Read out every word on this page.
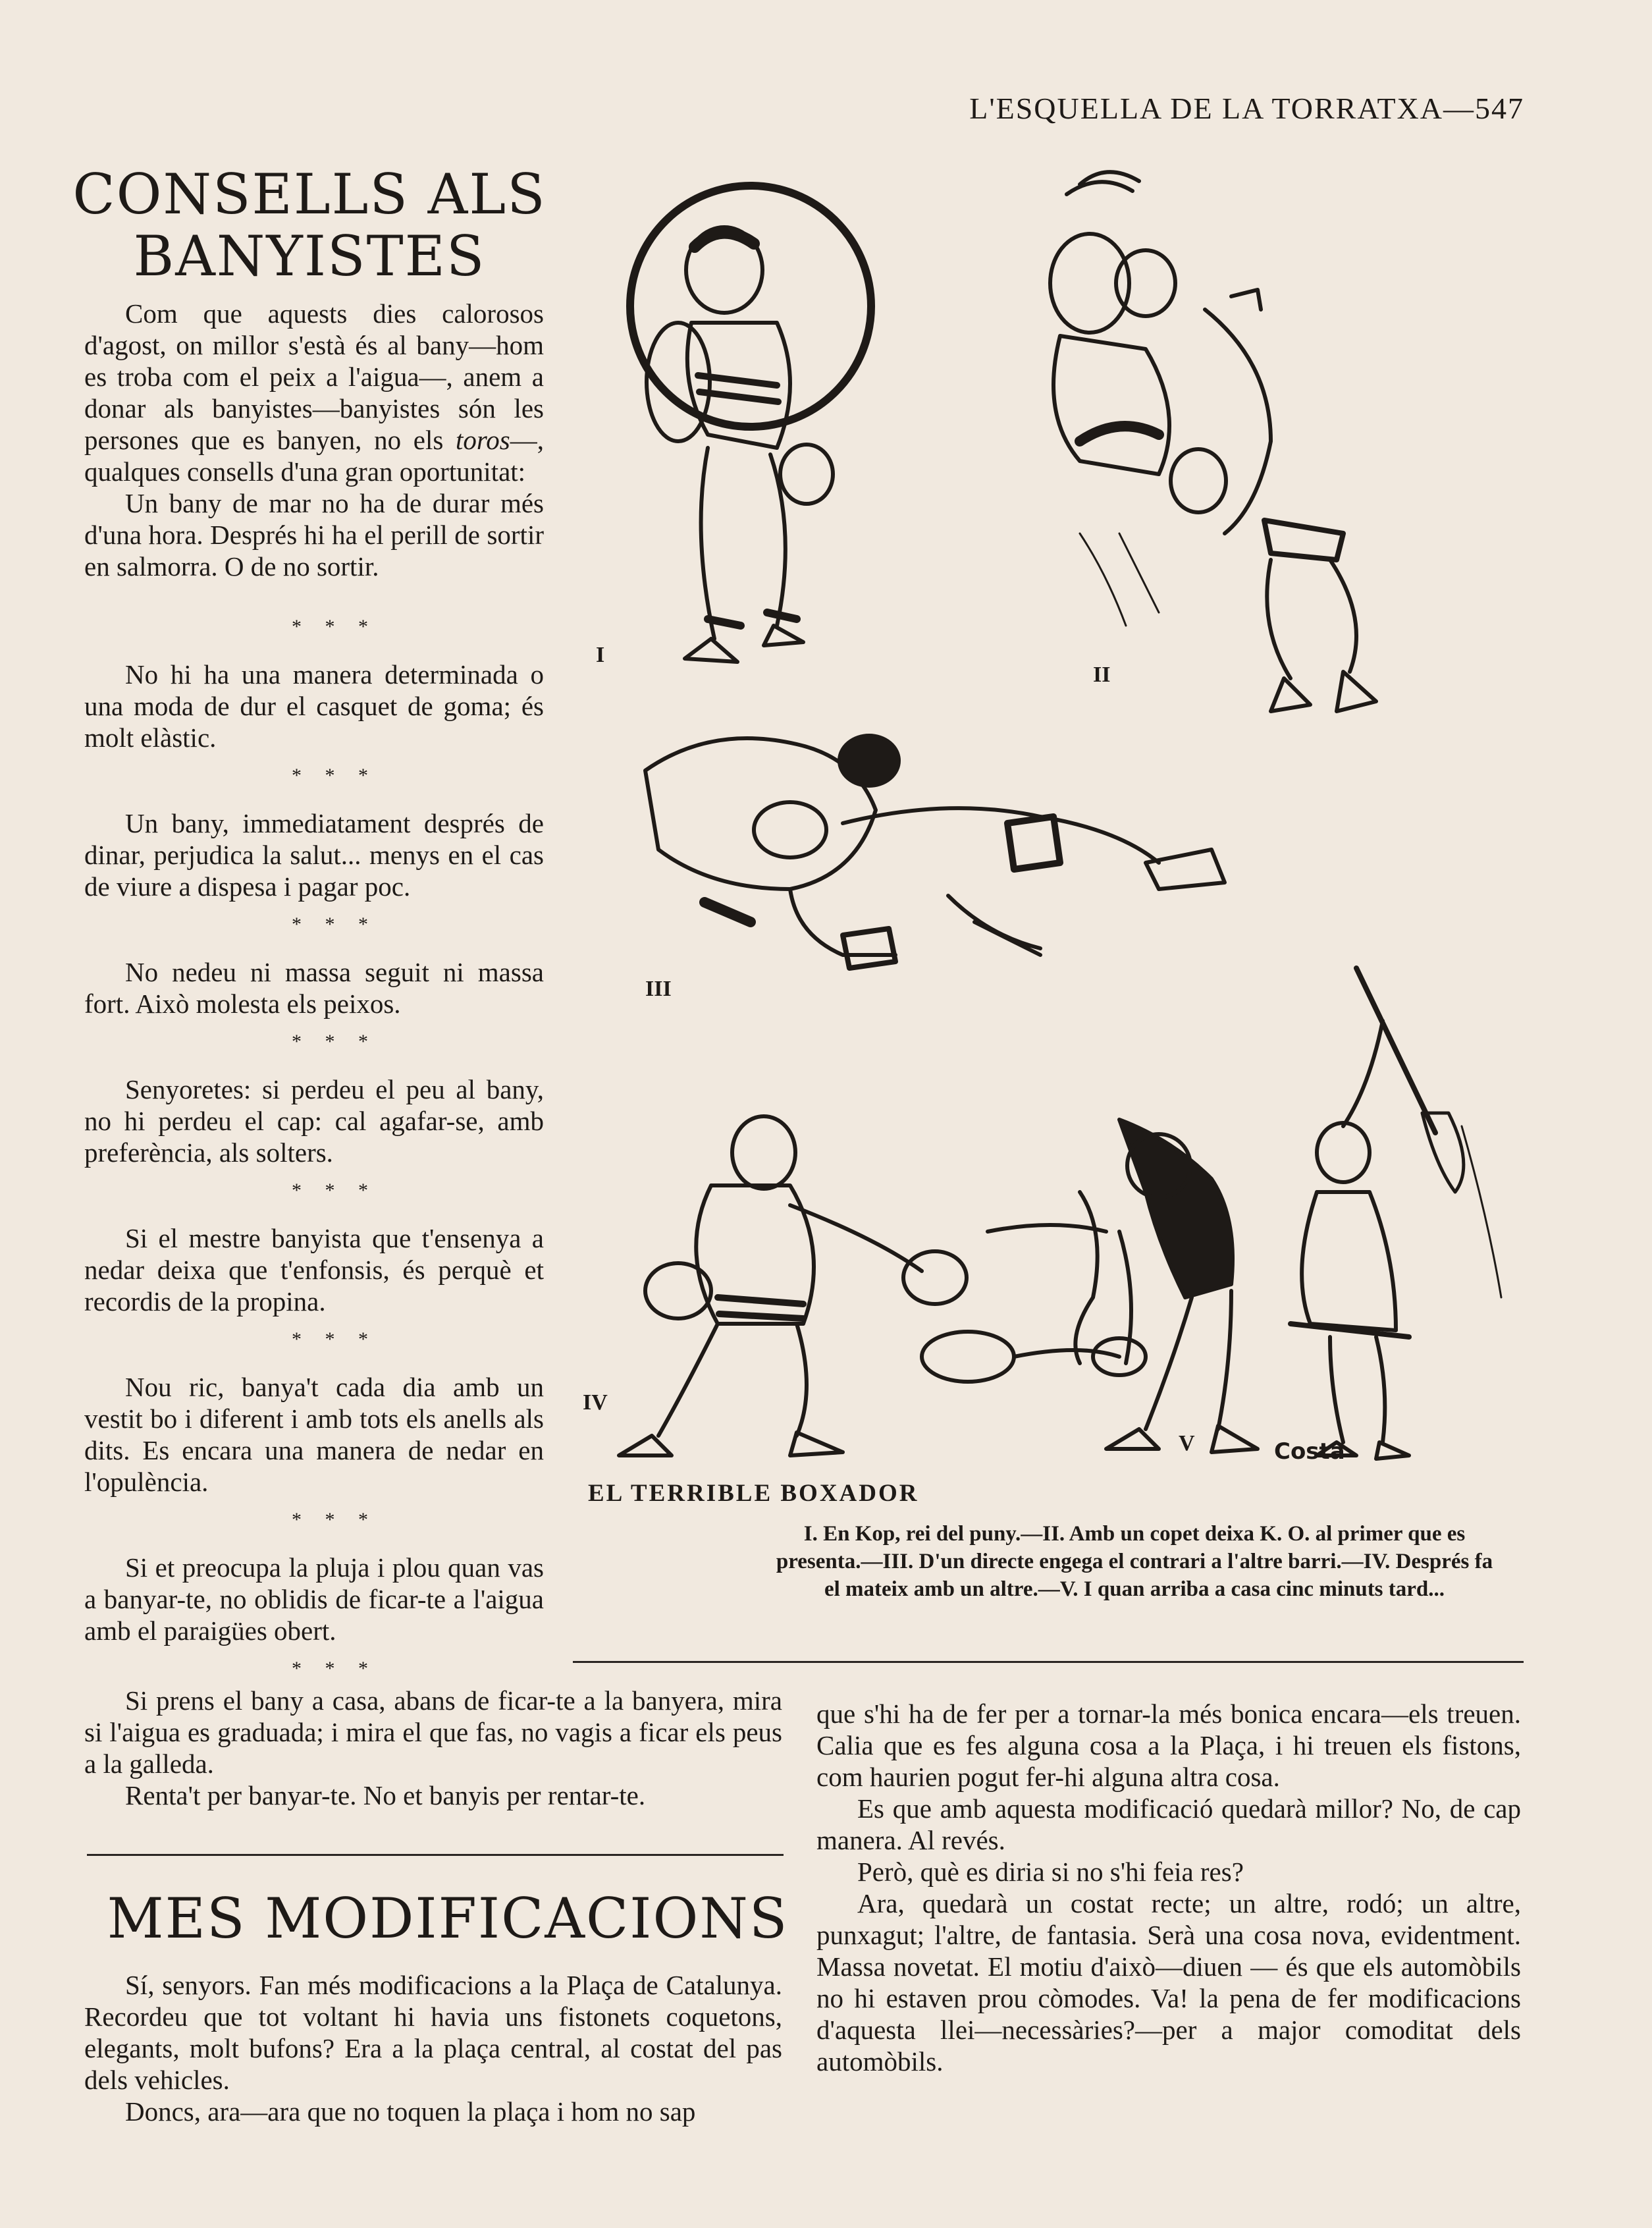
L'ESQUELLA DE LA TORRATXA—547
CONSELLS ALS
BANYISTES

Com que aquests dies calorosos d'agost, on millor s'està és al bany—hom es troba com el peix a l'aigua—, anem a donar als banyistes—banyistes són les persones que es banyen, no els toros—, qualques consells d'una gran oportunitat:

Un bany de mar no ha de durar més d'una hora. Després hi ha el perill de sortir en salmorra. O de no sortir.

* * *

No hi ha una manera determinada o una moda de dur el casquet de goma; és molt elàstic.

* * *

Un bany, immediatament després de dinar, perjudica la salut... menys en el cas de viure a dispesa i pagar poc.

* * *

No nedeu ni massa seguit ni massa fort. Això molesta els peixos.

* * *

Senyoretes: si perdeu el peu al bany, no hi perdeu el cap: cal agafar-se, amb preferència, als solters.

* * *

Si el mestre banyista que t'ensenya a nedar deixa que t'enfonsis, és perquè et recordis de la propina.

* * *

Nou ric, banya't cada dia amb un vestit bo i diferent i amb tots els anells als dits. Es encara una manera de nedar en l'opulència.

* * *

Si et preocupa la pluja i plou quan vas a banyar-te, no oblidis de ficar-te a l'aigua amb el paraigües obert.

* * *

Si prens el bany a casa, abans de ficar-te a la banyera, mira si l'aigua es graduada; i mira el que fas, no vagis a ficar els peus a la galleda.

Renta't per banyar-te. No et banyis per rentar-te.

I
II
III
IV
V	Costa
EL TERRIBLE BOXADOR
I. En Kop, rei del puny.—II. Amb un copet deixa K. O. al primer que es presenta.—III. D'un directe engega el contrari a l'altre barri.—IV. Després fa el mateix amb un altre.—V. I quan arriba a casa cinc minuts tard...
MES MODIFICACIONS

Sí, senyors. Fan més modificacions a la Plaça de Catalunya. Recordeu que tot voltant hi havia uns fistonets coquetons, elegants, molt bufons? Era a la plaça central, al costat del pas dels vehicles.

Doncs, ara—ara que no toquen la plaça i hom no sap

que s'hi ha de fer per a tornar-la més bonica encara—els treuen. Calia que es fes alguna cosa a la Plaça, i hi treuen els fistons, com haurien pogut fer-hi alguna altra cosa.

Es que amb aquesta modificació quedarà millor? No, de cap manera. Al revés.

Però, què es diria si no s'hi feia res?

Ara, quedarà un costat recte; un altre, rodó; un altre, punxagut; l'altre, de fantasia. Serà una cosa nova, evidentment. Massa novetat. El motiu d'això—diuen — és que els automòbils no hi estaven prou còmodes. Va! la pena de fer modificacions d'aquesta llei—necessàries?—per a major comoditat dels automòbils.
